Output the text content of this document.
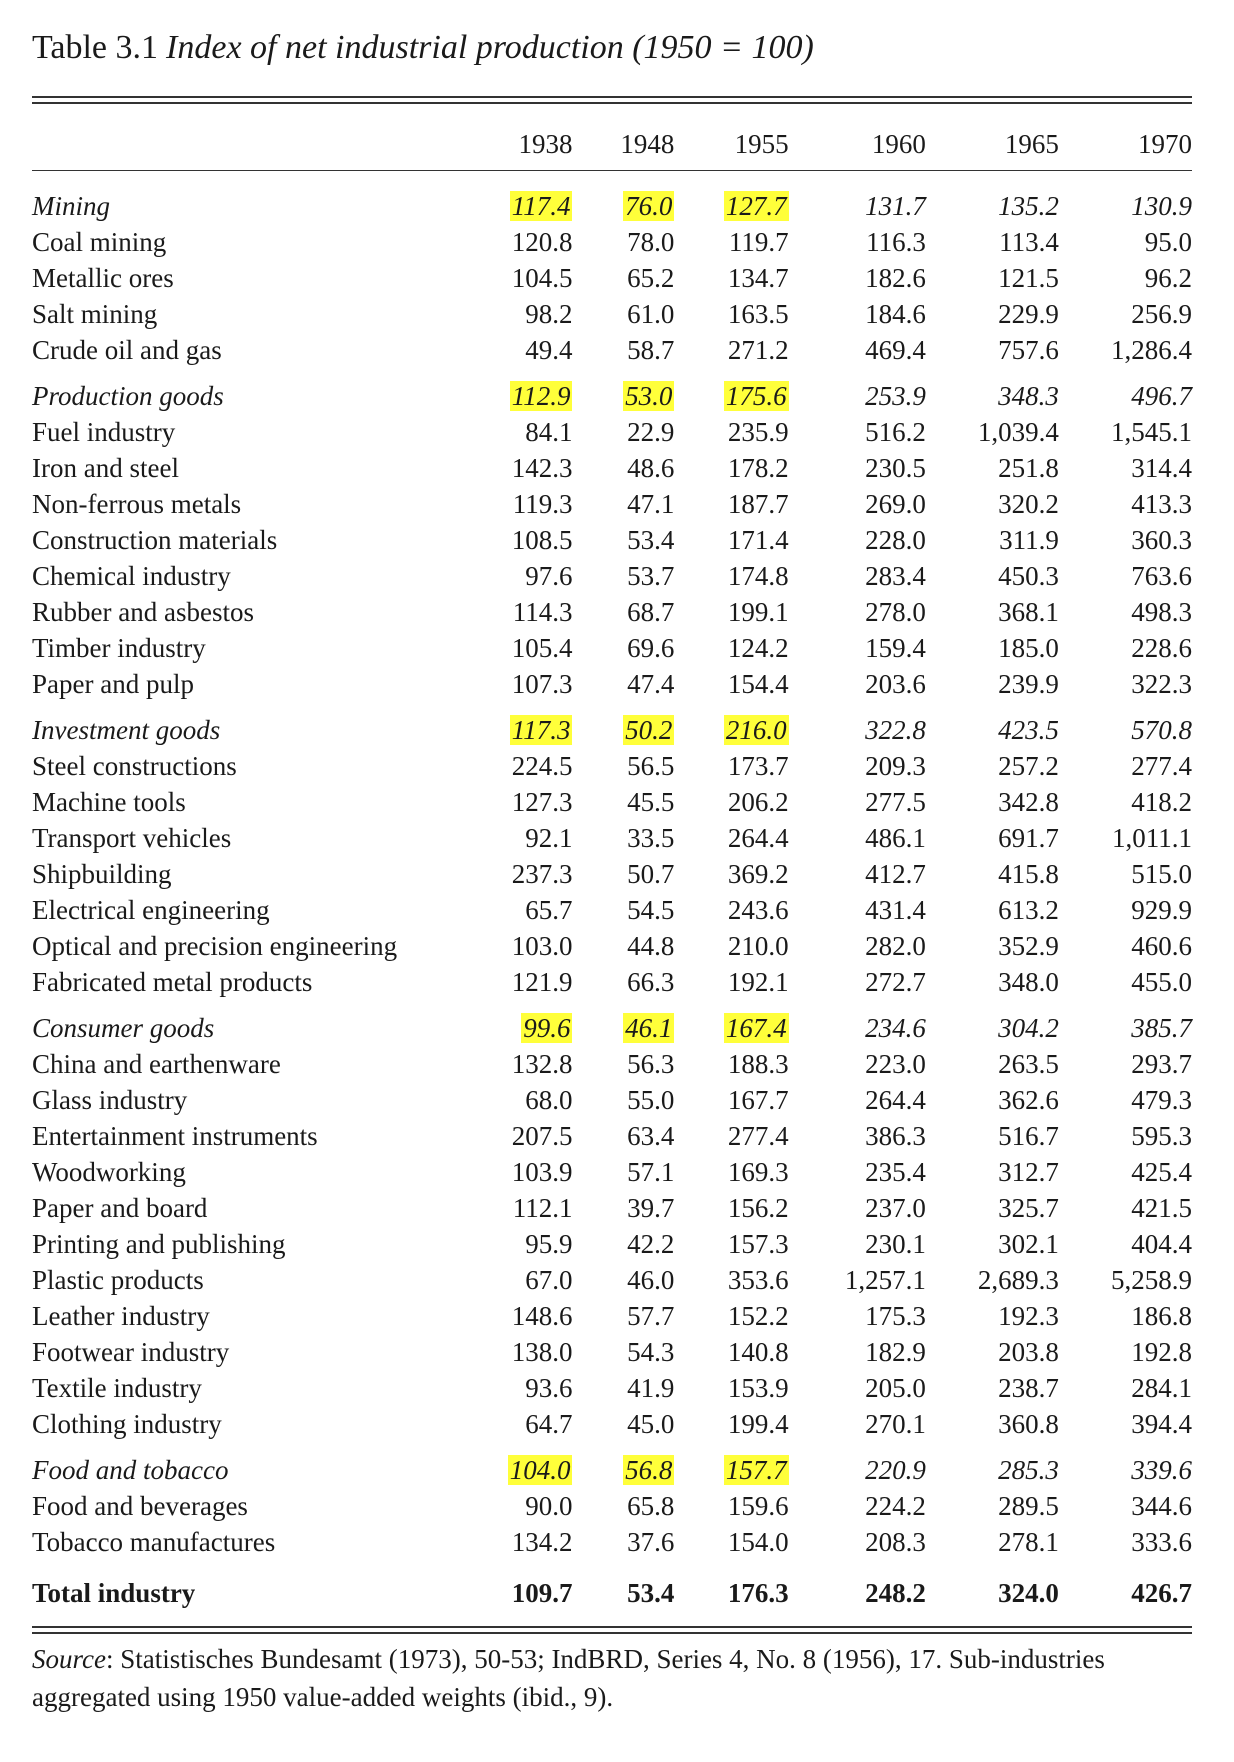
Table 3.1 Index of net industrial production (1950 = 100)
	1938	1948	1955	1960	1965	1970

Mining	117.4	76.0	127.7	131.7	135.2	130.9
Coal mining	120.8	78.0	119.7	116.3	113.4	95.0
Metallic ores	104.5	65.2	134.7	182.6	121.5	96.2
Salt mining	98.2	61.0	163.5	184.6	229.9	256.9
Crude oil and gas	49.4	58.7	271.2	469.4	757.6	1,286.4

Production goods	112.9	53.0	175.6	253.9	348.3	496.7
Fuel industry	84.1	22.9	235.9	516.2	1,039.4	1,545.1
Iron and steel	142.3	48.6	178.2	230.5	251.8	314.4
Non-ferrous metals	119.3	47.1	187.7	269.0	320.2	413.3
Construction materials	108.5	53.4	171.4	228.0	311.9	360.3
Chemical industry	97.6	53.7	174.8	283.4	450.3	763.6
Rubber and asbestos	114.3	68.7	199.1	278.0	368.1	498.3
Timber industry	105.4	69.6	124.2	159.4	185.0	228.6
Paper and pulp	107.3	47.4	154.4	203.6	239.9	322.3

Investment goods	117.3	50.2	216.0	322.8	423.5	570.8
Steel constructions	224.5	56.5	173.7	209.3	257.2	277.4
Machine tools	127.3	45.5	206.2	277.5	342.8	418.2
Transport vehicles	92.1	33.5	264.4	486.1	691.7	1,011.1
Shipbuilding	237.3	50.7	369.2	412.7	415.8	515.0
Electrical engineering	65.7	54.5	243.6	431.4	613.2	929.9
Optical and precision engineering	103.0	44.8	210.0	282.0	352.9	460.6
Fabricated metal products	121.9	66.3	192.1	272.7	348.0	455.0

Consumer goods	99.6	46.1	167.4	234.6	304.2	385.7
China and earthenware	132.8	56.3	188.3	223.0	263.5	293.7
Glass industry	68.0	55.0	167.7	264.4	362.6	479.3
Entertainment instruments	207.5	63.4	277.4	386.3	516.7	595.3
Woodworking	103.9	57.1	169.3	235.4	312.7	425.4
Paper and board	112.1	39.7	156.2	237.0	325.7	421.5
Printing and publishing	95.9	42.2	157.3	230.1	302.1	404.4
Plastic products	67.0	46.0	353.6	1,257.1	2,689.3	5,258.9
Leather industry	148.6	57.7	152.2	175.3	192.3	186.8
Footwear industry	138.0	54.3	140.8	182.9	203.8	192.8
Textile industry	93.6	41.9	153.9	205.0	238.7	284.1
Clothing industry	64.7	45.0	199.4	270.1	360.8	394.4

Food and tobacco	104.0	56.8	157.7	220.9	285.3	339.6
Food and beverages	90.0	65.8	159.6	224.2	289.5	344.6
Tobacco manufactures	134.2	37.6	154.0	208.3	278.1	333.6

Total industry	109.7	53.4	176.3	248.2	324.0	426.7
Source: Statistisches Bundesamt (1973), 50-53; IndBRD, Series 4, No. 8 (1956), 17. Sub-industries aggregated using 1950 value-added weights (ibid., 9).
